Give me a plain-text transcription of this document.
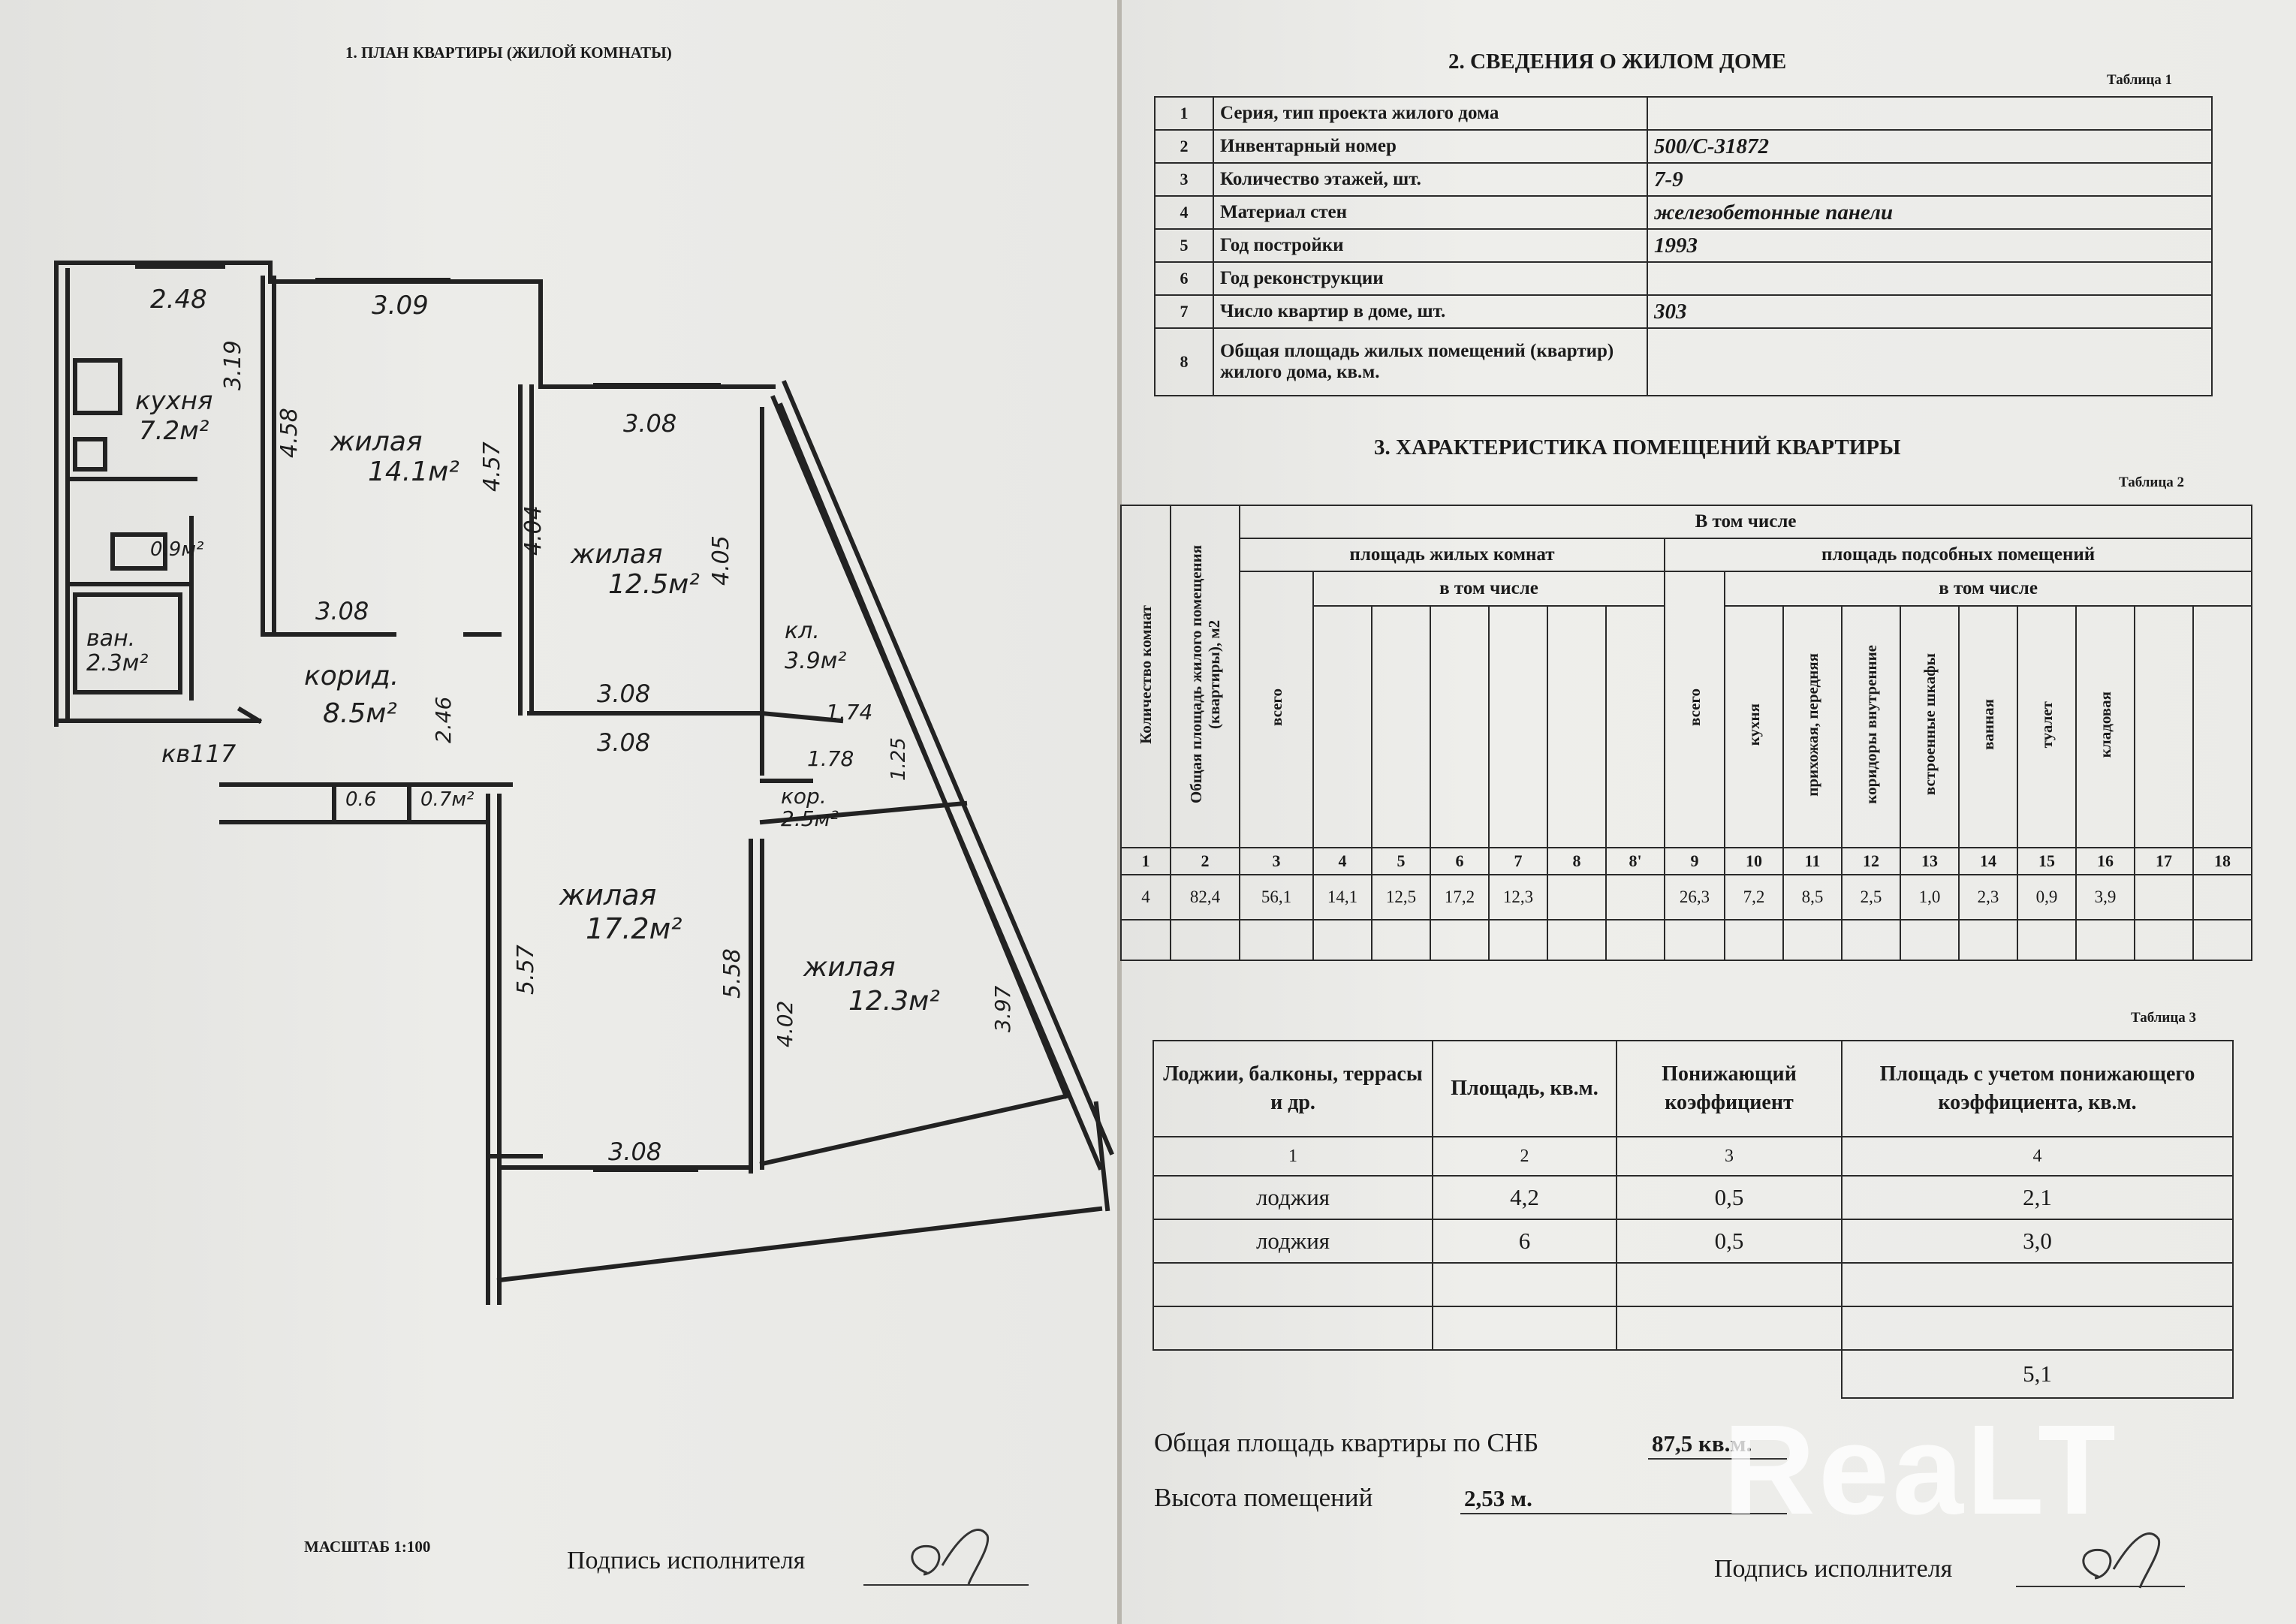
1. ПЛАН КВАРТИРЫ (ЖИЛОЙ КОМНАТЫ)
2.48
кухня
7.2м²
3.19
3.09
жилая
14.1м²
4.58
4.57
3.08
3.08
жилая
12.5м²
4.04
4.05
3.08
3.08
0.9м²
ван.
2.3м²	корид.
8.5м² 2.46
кв117
0.6 0.7м²
кл.
3.9м²
1.74
1.78
кор.
2.5м²
1.25
жилая
17.2м²
5.57	5.58
3.08
жилая
12.3м²
4.02	3.97
МАСШТАБ 1:100	Подпись исполнителя
2. СВЕДЕНИЯ О ЖИЛОМ ДОМЕ
Таблица 1
1	Серия, тип проекта жилого дома	
2	Инвентарный номер	500/С-31872
3	Количество этажей, шт.	7-9
4	Материал стен	железобетонные панели
5	Год постройки	1993
6	Год реконструкции	
7	Число квартир в доме, шт.	303
8	Общая площадь жилых помещений (квартир) жилого дома, кв.м.	
3. ХАРАКТЕРИСТИКА ПОМЕЩЕНИЙ КВАРТИРЫ
Таблица 2
Количество комнат	Общая площадь жилого помещения (квартиры), м2	В том числе																
		площадь жилых комнат							площадь подсобных помещений									
		всего	в том числе						всего	в том числе								
										кухня	прихожая, передняя	коридоры внутренние	встроенные шкафы	ванная	туалет	кладовая		
1	2	3	4	5	6	7	8	8'	9	10	11	12	13	14	15	16	17	18
4	82,4	56,1	14,1	12,5	17,2	12,3			26,3	7,2	8,5	2,5	1,0	2,3	0,9	3,9		

Таблица 3
Лоджии, балконы, террасы и др.	Площадь, кв.м.	Понижающий коэффициент	Площадь с учетом понижающего коэффициента, кв.м.
1	2	3	4
лоджия	4,2	0,5	2,1
лоджия	6	0,5	3,0

			5,1
Общая площадь квартиры по СНБ	87,5 кв.м.
Высота помещений	2,53 м.
Подпись исполнителя
ReaLT
